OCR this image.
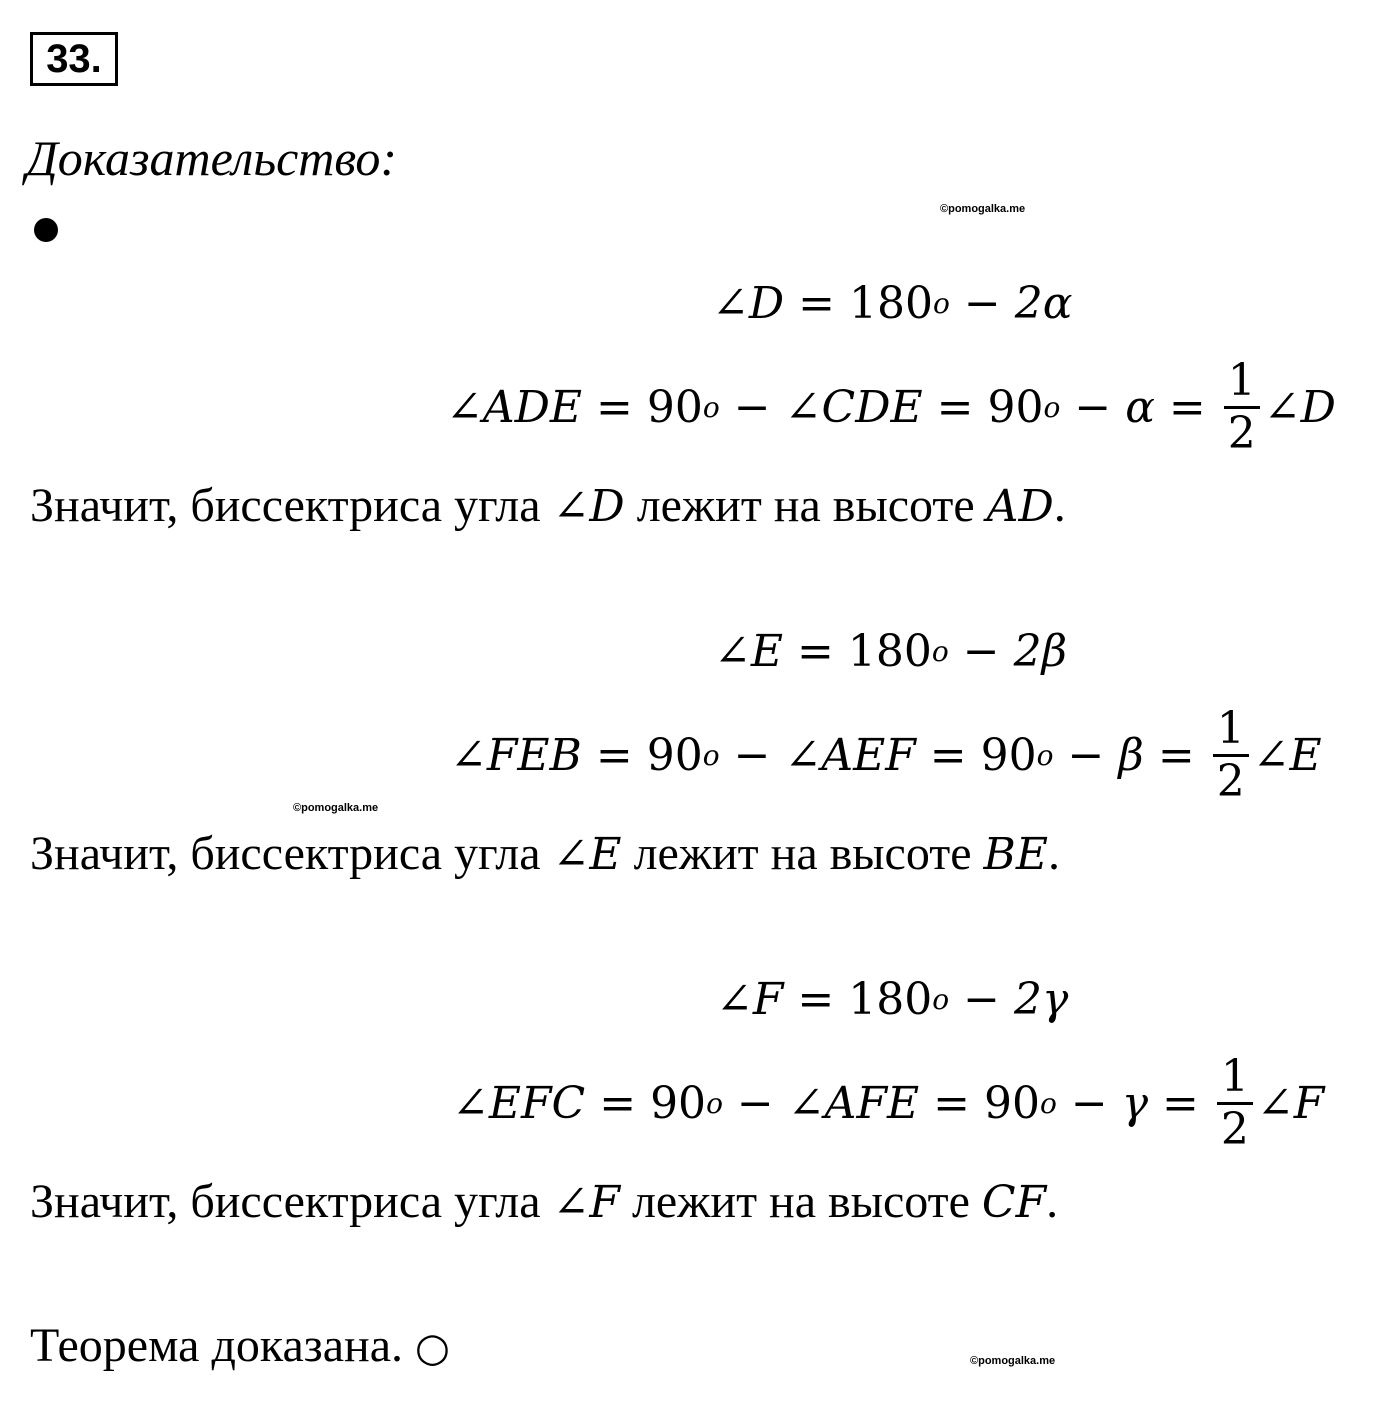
33.
Доказательство:
©pomogalka.me
©pomogalka.me
©pomogalka.me
∠D = 180 o − 2α
∠ADE = 90 o − ∠CDE = 90 $o - \alpha = \frac{1}{2}$ ∠D
Значит, биссектриса угла
∠D
лежит на высоте
AD .
∠E = 180 o − 2β
∠FEB = 90 o − ∠AEF = 90 $o - \beta = \frac{1}{2}$ ∠E
Значит, биссектриса угла
∠E
лежит на высоте
BE .
∠F = 180 o − 2γ
∠EFC = 90 o − ∠AFE = 90 $o - \gamma = \frac{1}{2}$ ∠F
Значит, биссектриса угла
∠F
лежит на высоте
CF .
Теорема доказана.
○
